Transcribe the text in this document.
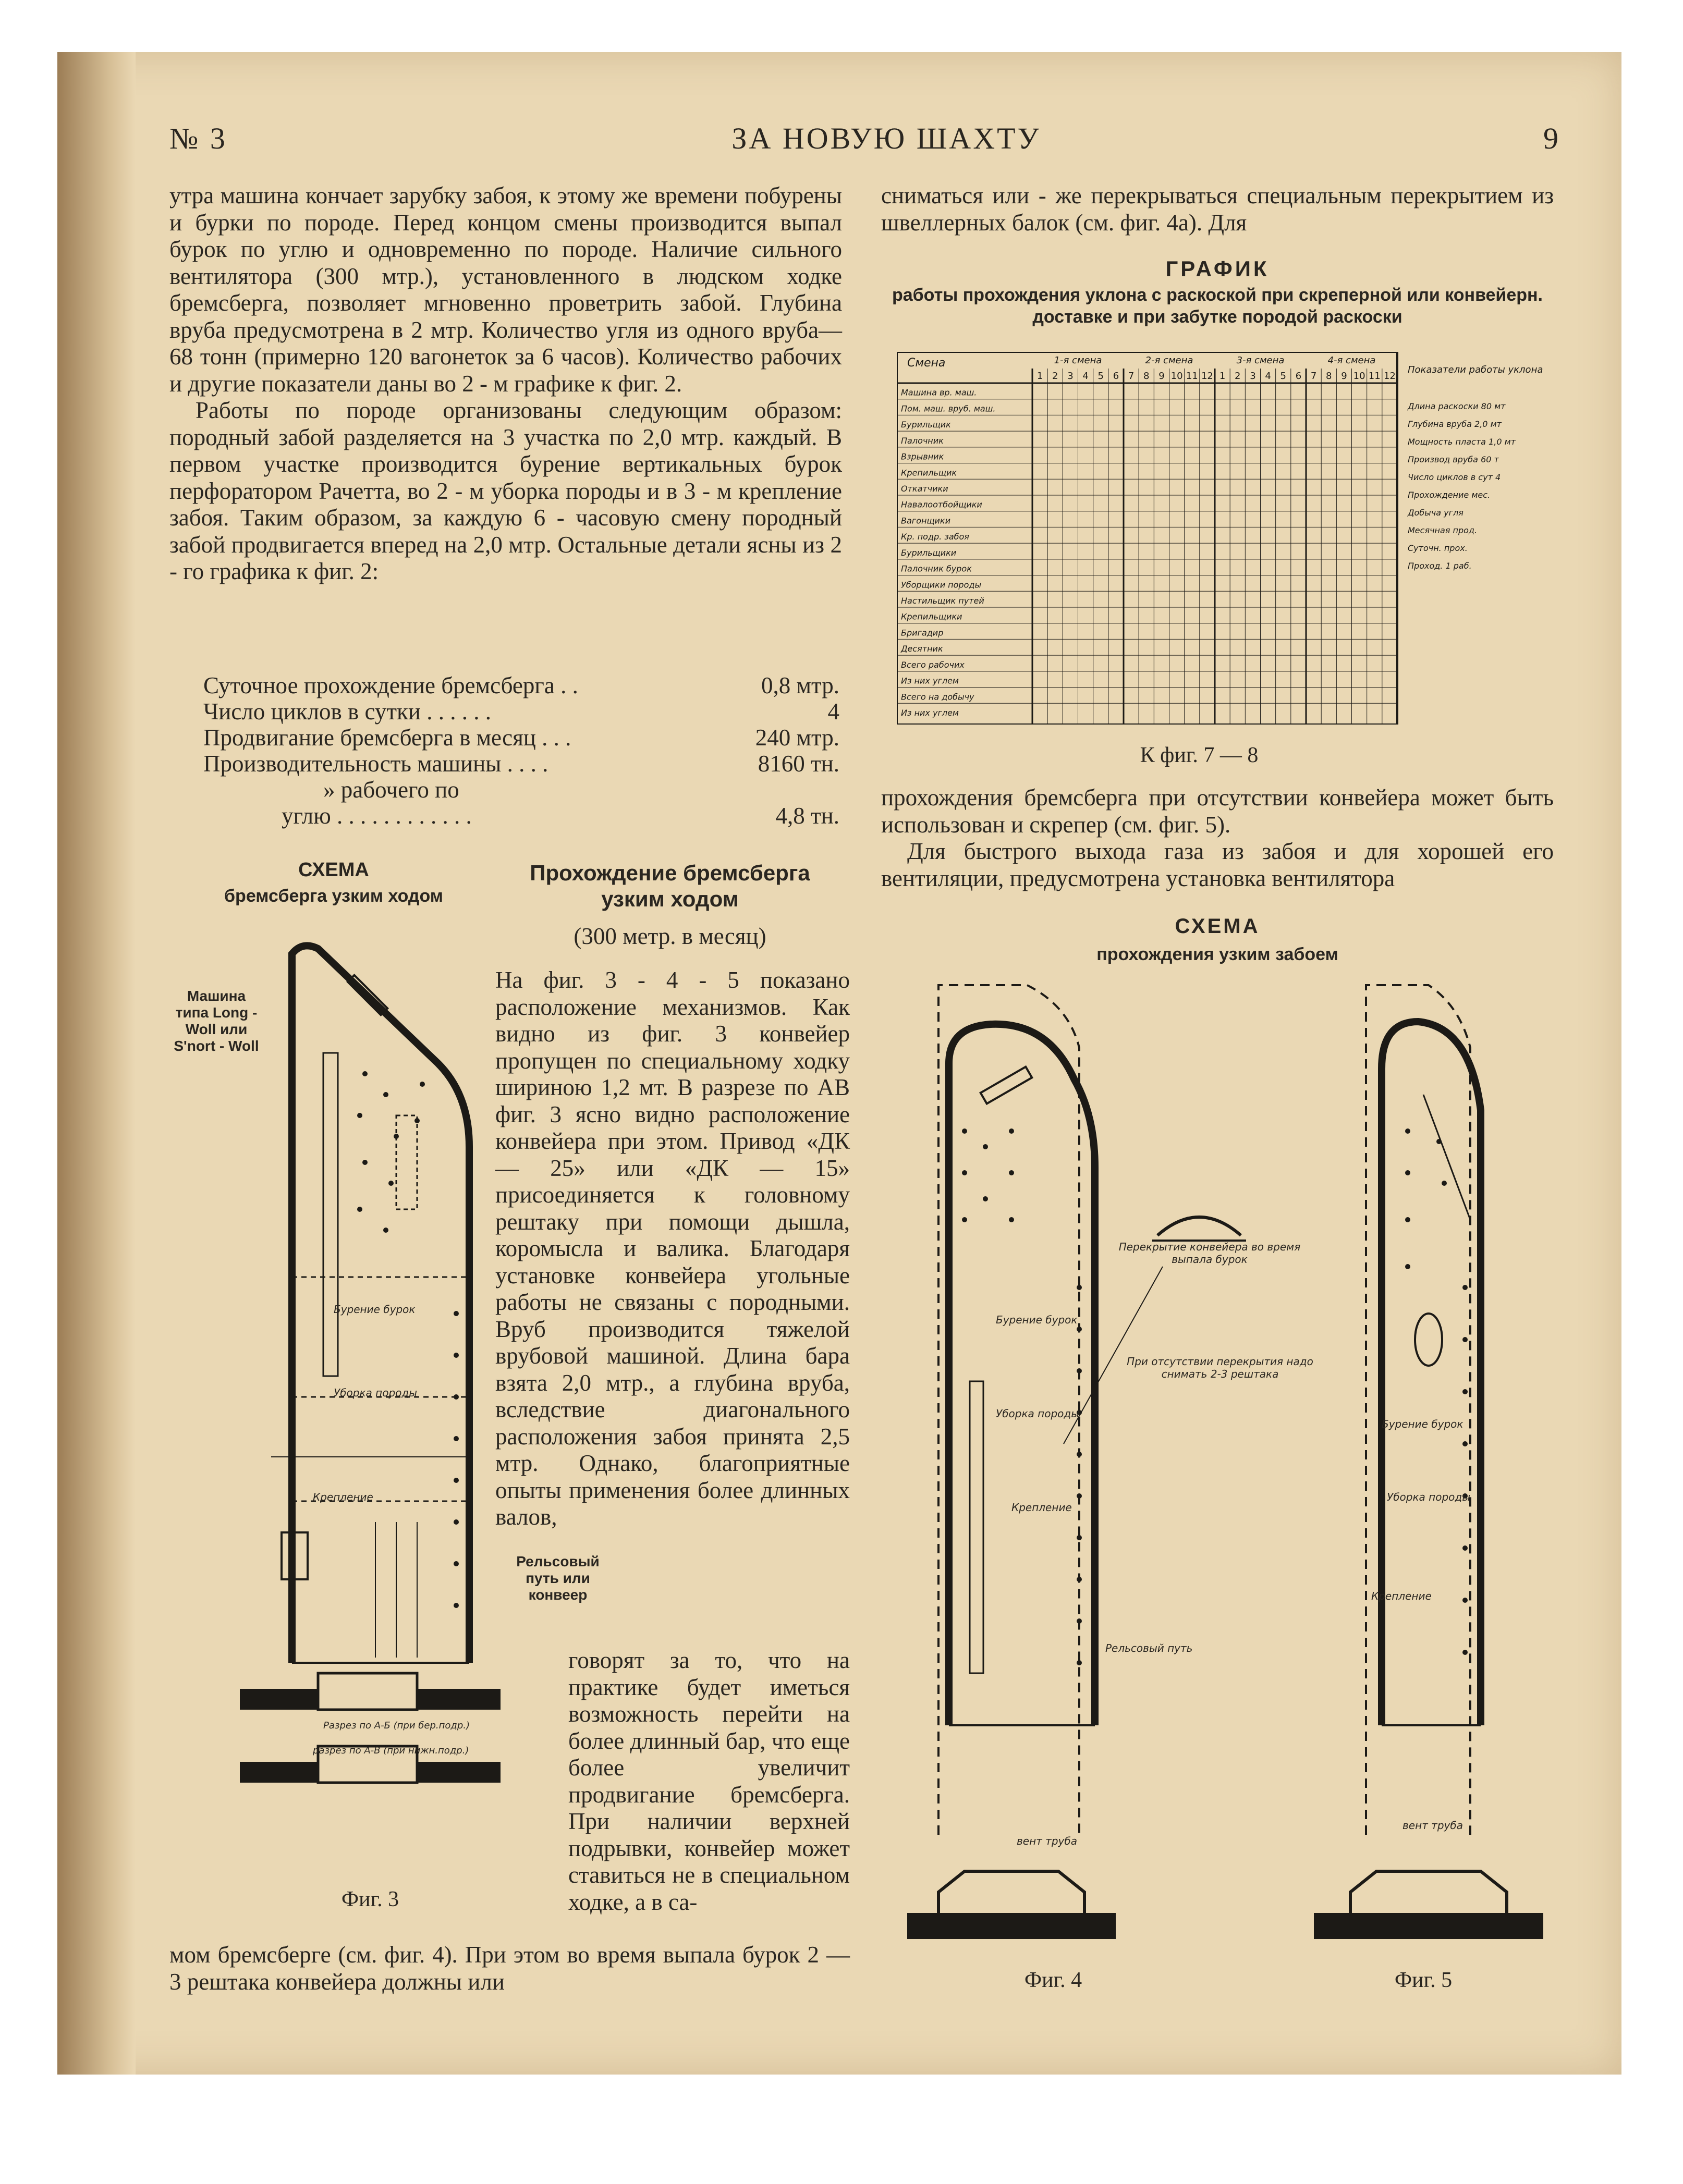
№ 3	ЗА НОВУЮ ШАХТУ	9

утра машина кончает зарубку забоя, к этому же времени побурены и бурки по породе. Перед концом смены производится выпал бурок по углю и одновременно по породе. Наличие сильного вентилятора (300 мтр.), установленного в людском ходке бремсберга, позволяет мгновенно проветрить забой. Глубина вруба предусмотрена в 2 мтр. Количество угля из одного вруба—68 тонн (примерно 120 вагонеток за 6 часов). Количество рабочих и другие показатели даны во 2 - м графике к фиг. 2.

Работы по породе организованы следующим образом: породный забой разделяется на 3 участка по 2,0 мтр. каждый. В первом участке производится бурение вертикальных бурок перфоратором Рачетта, во 2 - м уборка породы и в 3 - м крепление забоя. Таким образом, за каждую 6 - часовую смену породный забой продвигается вперед на 2,0 мтр. Остальные детали ясны из 2 - го графика к фиг. 2:

Суточное прохождение бремсберга . .	0,8 мтр.
Число циклов в сутки . . . . . .	4
Продвигание бремсберга в месяц . . .	240 мтр.
Производительность машины . . . .	8160 тн.
» рабочего по	
углю . . . . . . . . . . . .	4,8 тн.
СХЕМА
бремсберга узким ходом
Машина типа Long - Woll или S'nort - Woll
Бурение бурок
Уборка породы
Крепление
Разрез по А-Б (при бер.подр.)
разрез по А-В (при нижн.подр.)
Фиг. 3
Прохождение бремсберга узким ходом
(300 метр. в месяц)
На фиг. 3 - 4 - 5 показано расположение механизмов. Как видно из фиг. 3 конвейер пропущен по специальному ходку шириною 1,2 мт. В разрезе по АВ фиг. 3 ясно видно расположение конвейера при этом. Привод «ДК — 25» или «ДК — 15» присоединяется к головному рештаку при помощи дышла, коромысла и валика. Благодаря установке конвейера угольные работы не связаны с породными. Вруб производится тяжелой врубовой машиной. Длина бара взята 2,0 мтр., а глубина вруба, вследствие диагонального расположения забоя принята 2,5 мтр. Однако, благоприятные опыты применения более длинных валов,
Рельсовый путь или конвеер
говорят за то, что на практике будет иметься возможность перейти на более длинный бар, что еще более увеличит продвигание бремсберга. При наличии верхней подрывки, конвейер может ставиться не в специальном ходке, а в са-
мом бремсберге (см. фиг. 4). При этом во время выпала бурок 2 — 3 рештака конвейера должны или
сниматься или - же перекрываться специальным перекрытием из швеллерных балок (см. фиг. 4а). Для
ГРАФИК
работы прохождения уклона с раскоской при скреперной или конвейерн. доставке и при забутке породой раскоски
Смена	1-я смена	2-я смена	3-я смена	4-я смена
1 2 3 4 5 6 7 8 9 10 11 12 1 2 3 4 5 6 7 8 9 10 11 12
Машина вр. маш.
Пом. маш. вруб. маш.
Бурильщик
Палочник
Взрывник
Крепильщик
Откатчики
Навалоотбойщики
Вагонщики
Кр. подр. забоя
Бурильщики
Палочник бурок
Уборщики породы
Настильщик путей
Крепильщики
Бригадир
Десятник
Всего рабочих
Из них углем
Всего на добычу
Из них углем
Показатели работы уклона
Длина раскоски 80 мт
Глубина вруба 2,0 мт
Мощность пласта 1,0 мт
Производ вруба 60 т
Число циклов в сут 4
Прохождение мес.
Добыча угля
Месячная прод.
Суточн. прох.
Проход. 1 раб.
К фиг. 7 — 8

прохождения бремсберга при отсутствии конвейера может быть использован и скрепер (см. фиг. 5).

Для быстрого выхода газа из забоя и для хорошей его вентиляции, предусмотрена установка вентилятора

СХЕМА
прохождения узким забоем
Бурение бурок
Уборка породы
Крепление
Рельсовый путь
Перекрытие конвейера во время выпала бурок
При отсутствии перекрытия надо снимать 2-3 рештака
Бурение бурок
Уборка породы
Крепление
вент труба
вент труба
Фиг. 4	Фиг. 5
